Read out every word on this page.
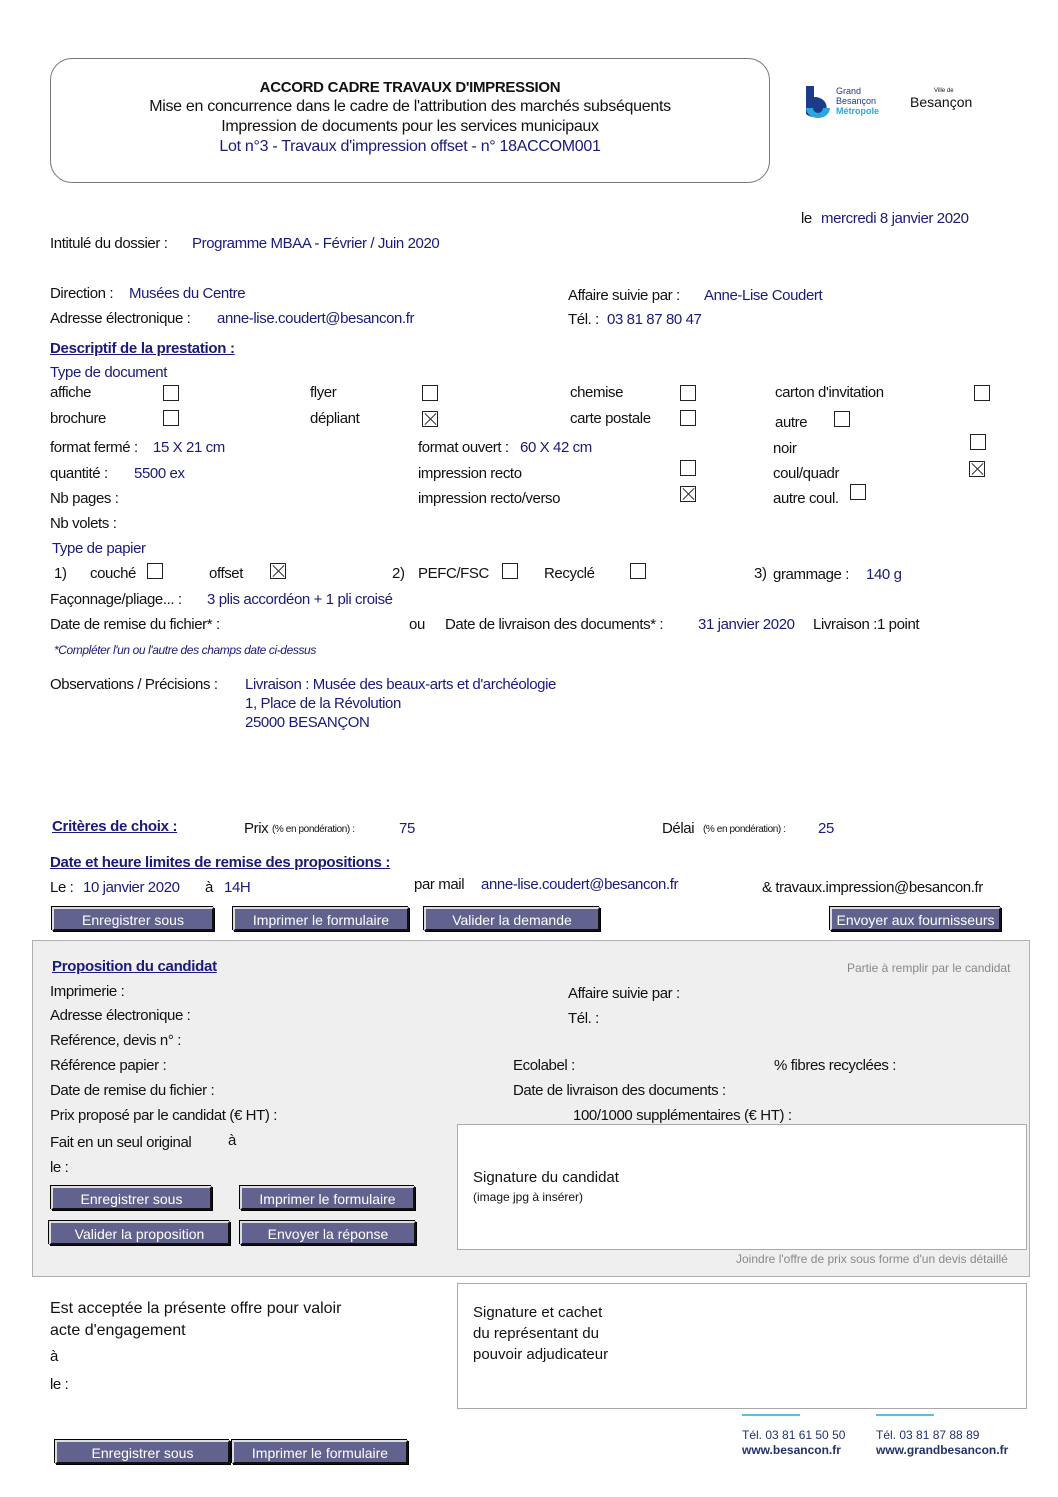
ACCORD CADRE TRAVAUX D'IMPRESSION
Mise en concurrence dans le cadre de l'attribution des marchés subséquents
Impression de documents pour les services municipaux
Lot n°3 - Travaux d'impression offset - n° 18ACCOM001
Grand
Besançon
Métropole
Ville de
Besançon
le mercredi 8 janvier 2020
Intitulé du dossier : Programme MBAA - Février / Juin 2020
Direction : Musées du Centre
Adresse électronique : anne-lise.coudert@besancon.fr
Affaire suivie par : Anne-Lise Coudert
Tél. : 03 81 87 80 47
Descriptif de la prestation :
Type de document
affiche	flyer	chemise	carton d'invitation
brochure	dépliant	carte postale	autre
format fermé : 15 X 21 cm	format ouvert : 60 X 42 cm	noir
quantité : 5500 ex	impression recto	coul/quadr
Nb pages :	impression recto/verso	autre coul.
Nb volets :
Type de papier
1) couché	offset	2) PEFC/FSC	Recyclé	3) grammage : 140 g
Façonnage/pliage... : 3 plis accordéon + 1 pli croisé
Date de remise du fichier* :	ou Date de livraison des documents* : 31 janvier 2020 Livraison :1 point
*Compléter l'un ou l'autre des champs date ci-dessus
Observations / Précisions : Livraison : Musée des beaux-arts et d'archéologie
1, Place de la Révolution
25000 BESANÇON
Critères de choix :	Prix (% en pondération) :	75	Délai (% en pondération) : 25
Date et heure limites de remise des propositions :
Le : 10 janvier 2020 à 14H	par mail anne-lise.coudert@besancon.fr	& travaux.impression@besancon.fr
Enregistrer sous	Imprimer le formulaire	Valider la demande	Envoyer aux fournisseurs
Proposition du candidat	Partie à remplir par le candidat
Imprimerie :	Affaire suivie par :
Adresse électronique :	Tél. :
Reférence, devis n° :
Référence papier :	Ecolabel :	% fibres recyclées :
Date de remise du fichier :	Date de livraison des documents :
Prix proposé par le candidat (€ HT) :	100/1000 supplémentaires (€ HT) :
Fait en un seul original à
le :
Signature du candidat
(image jpg à insérer)
Joindre l'offre de prix sous forme d'un devis détaillé
Enregistrer sous	Imprimer le formulaire
Valider la proposition	Envoyer la réponse
Est acceptée la présente offre pour valoir
acte d'engagement
à
le :
Signature et cachet
du représentant du
pouvoir adjudicateur
Enregistrer sous	Imprimer le formulaire
Tél. 03 81 61 50 50
www.besancon.fr
Tél. 03 81 87 88 89
www.grandbesancon.fr
